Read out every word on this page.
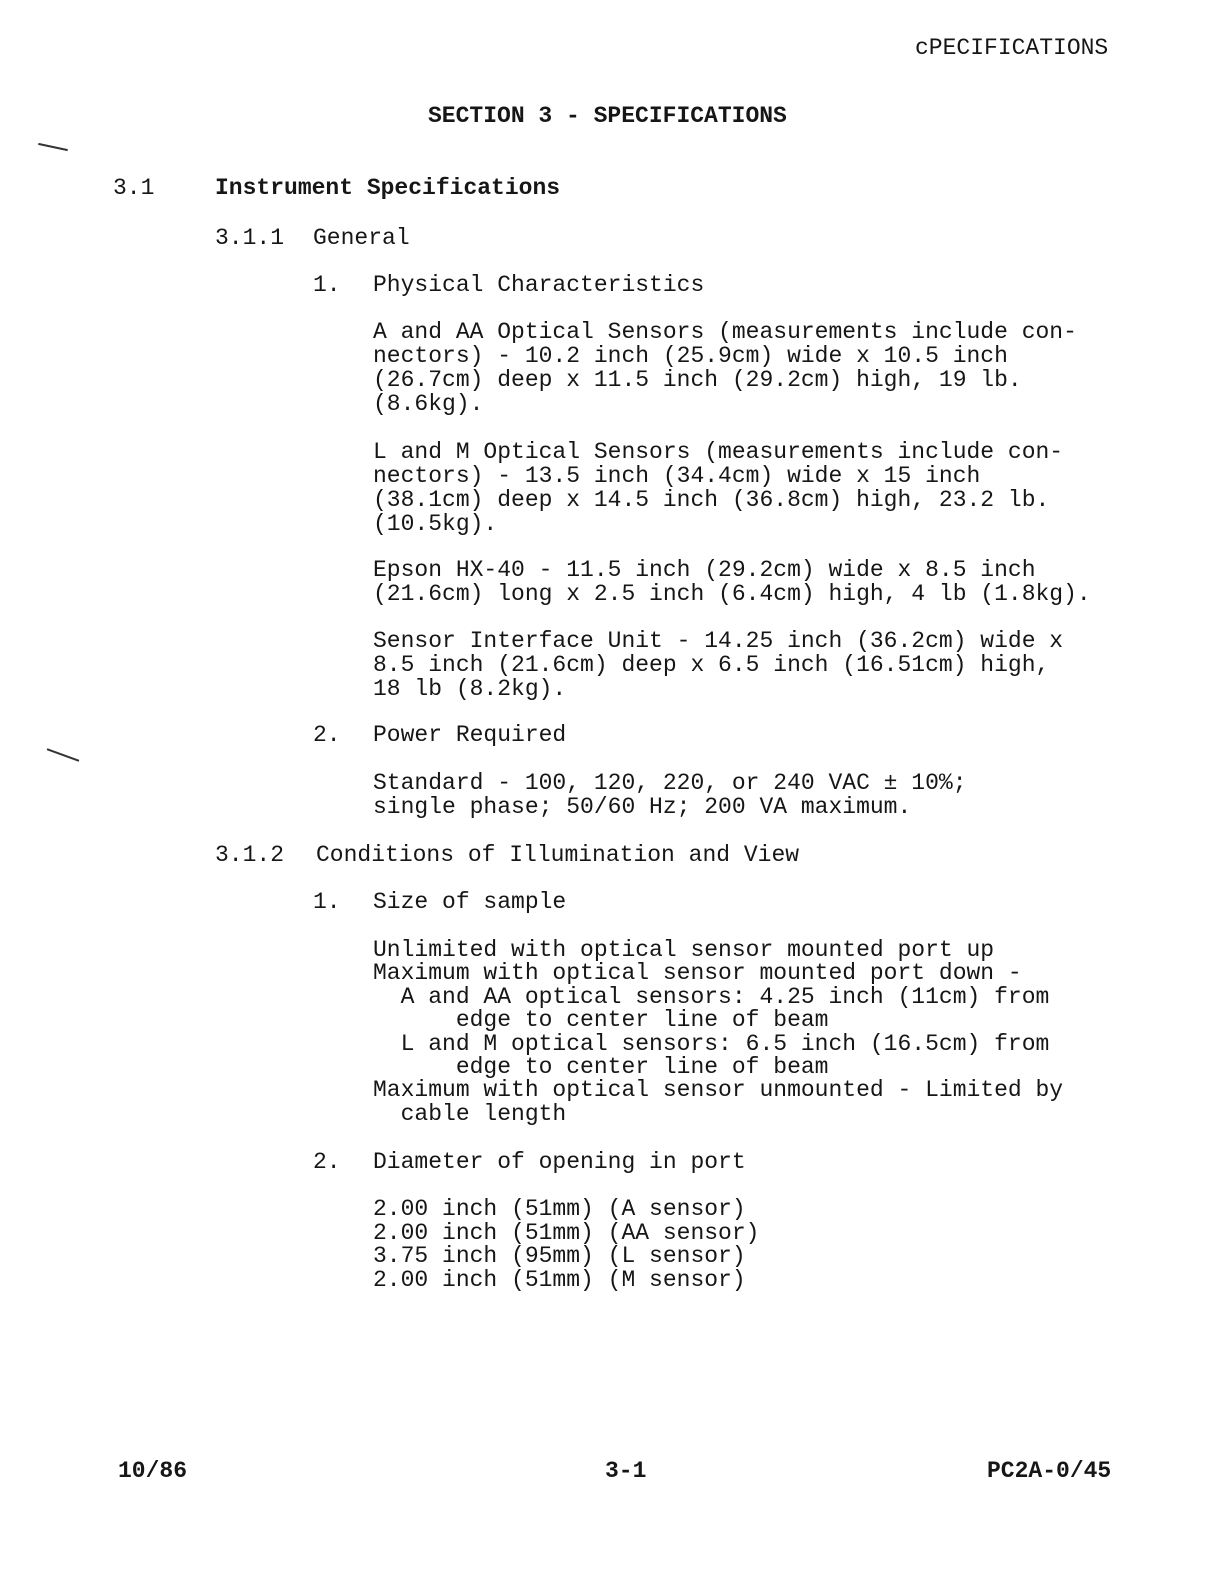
cPECIFICATIONS
SECTION 3 - SPECIFICATIONS
3.1	Instrument Specifications
3.1.1 General
1. Physical Characteristics
A and AA Optical Sensors (measurements include con-
nectors) - 10.2 inch (25.9cm) wide x 10.5 inch
(26.7cm) deep x 11.5 inch (29.2cm) high, 19 lb.
(8.6kg).
L and M Optical Sensors (measurements include con-
nectors) - 13.5 inch (34.4cm) wide x 15 inch
(38.1cm) deep x 14.5 inch (36.8cm) high, 23.2 lb.
(10.5kg).
Epson HX-40 - 11.5 inch (29.2cm) wide x 8.5 inch
(21.6cm) long x 2.5 inch (6.4cm) high, 4 lb (1.8kg).
Sensor Interface Unit - 14.25 inch (36.2cm) wide x
8.5 inch (21.6cm) deep x 6.5 inch (16.51cm) high,
18 lb (8.2kg).
2. Power Required
Standard - 100, 120, 220, or 240 VAC ± 10%;
single phase; 50/60 Hz; 200 VA maximum.
3.1.2 Conditions of Illumination and View
1. Size of sample
Unlimited with optical sensor mounted port up
Maximum with optical sensor mounted port down -
A and AA optical sensors: 4.25 inch (11cm) from
edge to center line of beam
L and M optical sensors: 6.5 inch (16.5cm) from
edge to center line of beam
Maximum with optical sensor unmounted - Limited by
cable length
2. Diameter of opening in port
2.00 inch (51mm) (A sensor)
2.00 inch (51mm) (AA sensor)
3.75 inch (95mm) (L sensor)
2.00 inch (51mm) (M sensor)
10/86	3-1	PC2A-0/45
